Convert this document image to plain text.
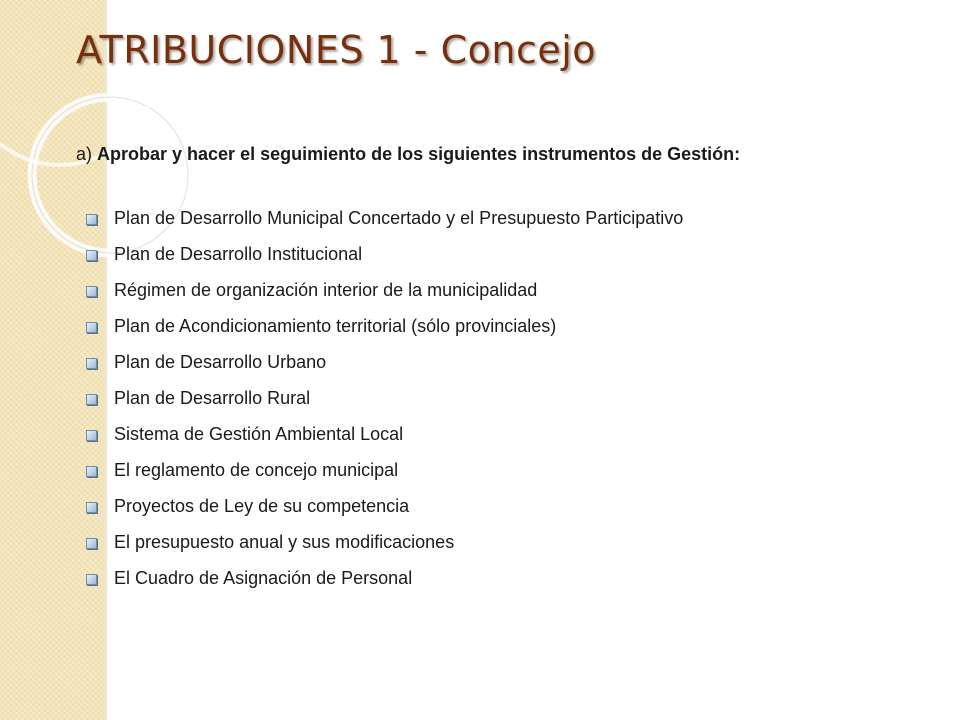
ATRIBUCIONES 1 - Concejo

a) Aprobar y hacer el seguimiento de los siguientes instrumentos de Gestión:

Plan de Desarrollo Municipal Concertado y el Presupuesto Participativo
Plan de Desarrollo Institucional
Régimen de organización interior de la municipalidad
Plan de Acondicionamiento territorial (sólo provinciales)
Plan de Desarrollo Urbano
Plan de Desarrollo Rural
Sistema de Gestión Ambiental Local
El reglamento de concejo municipal
Proyectos de Ley de su competencia
El presupuesto anual y sus modificaciones
El Cuadro de Asignación de Personal
